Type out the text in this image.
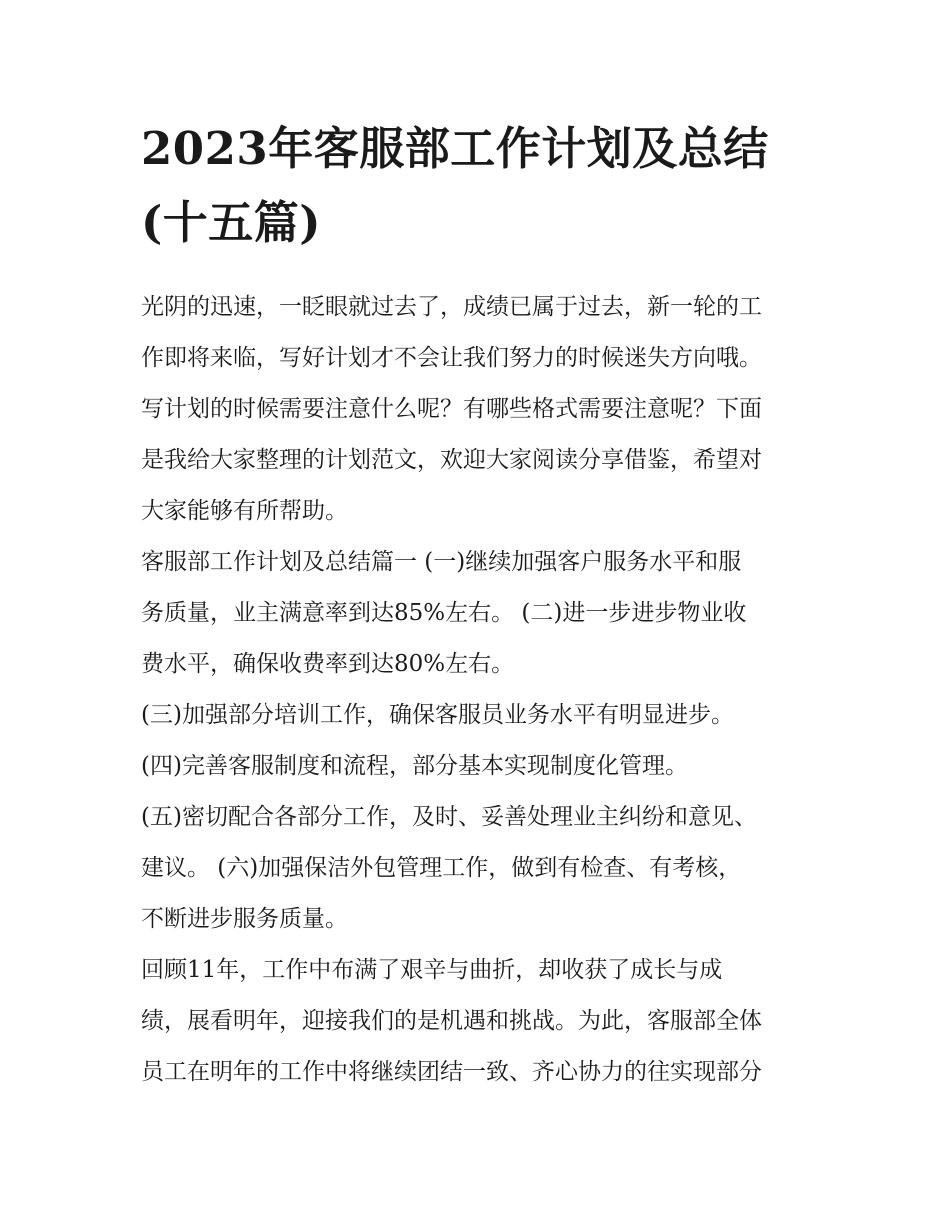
2023年客服部工作计划及总结
(十五篇)

光阴的迅速，一眨眼就过去了，成绩已属于过去，新一轮的工

作即将来临，写好计划才不会让我们努力的时候迷失方向哦。

写计划的时候需要注意什么呢？有哪些格式需要注意呢？下面

是我给大家整理的计划范文，欢迎大家阅读分享借鉴，希望对

大家能够有所帮助。

客服部工作计划及总结篇一 (一)继续加强客户服务水平和服

务质量，业主满意率到达85%左右。 (二)进一步进步物业收

费水平，确保收费率到达80%左右。

(三)加强部分培训工作，确保客服员业务水平有明显进步。

(四)完善客服制度和流程，部分基本实现制度化管理。

(五)密切配合各部分工作，及时、妥善处理业主纠纷和意见、

建议。 (六)加强保洁外包管理工作，做到有检查、有考核，

不断进步服务质量。

回顾11年，工作中布满了艰辛与曲折，却收获了成长与成

绩，展看明年，迎接我们的是机遇和挑战。为此，客服部全体

员工在明年的工作中将继续团结一致、齐心协力的往实现部分
